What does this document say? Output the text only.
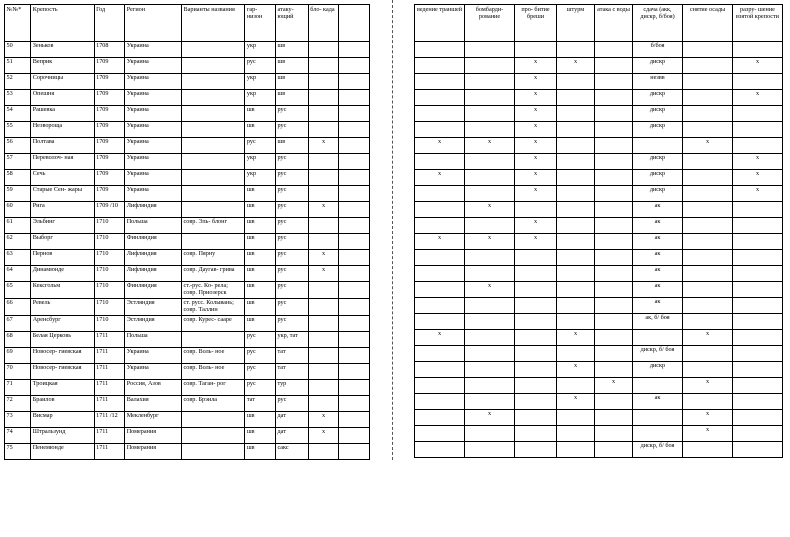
№№*	Крепость	Год	Регион	Варианты названия	гар- низон	атаку- ющий	бло- када	
50	Зеньков	1708	Украина		укр	шв		
51	Веприк	1709	Украина		рус	шв		
52	Сорочницы	1709	Украина		укр	шв		
53	Опешня	1709	Украина		укр	шв		
54	Рашевка	1709	Украина		шв	рус		
55	Незворощa	1709	Украина		шв	рус		
56	Полтава	1709	Украина		рус	шв	х	
57	Переволоч- ная	1709	Украина		укр	рус		
58	Сечь	1709	Украина		укр	рус		
59	Старые Сен- жары	1709	Украина		шв	рус		
60	Рига	1709 /10	Лифляндия		шв	рус	х	
61	Эльбинг	1710	Польша	совр. Эль- блонг	шв	рус		
62	Выборг	1710	Финляндия		шв	рус		
63	Пернов	1710	Лифляндия	совр. Пярну	шв	рус	х	
64	Динамюнде	1710	Лифляндия	совр. Даугав- грива	шв	рус	х	
65	Кексгольм	1710	Финляндия	ст.-рус. Ко- рела; совр. Приозерск	шв	рус		
66	Ревель	1710	Эстляндия	ст. русс. Колывань; совр. Таллин	шв	рус		
67	Аренсбург	1710	Эстляндия	совр. Курес- сааре	шв	рус		
68	Белая Церковь	1711	Польша		рус	укр, тат		
69	Новосер- гиевская	1711	Украина	совр. Воль- ное	рус	тат		
70	Новосер- гиевская	1711	Украина	совр. Воль- ное	рус	тат		
71	Троицкая	1711	Россия, Азов	совр. Таган- рог	рус	тур		
72	Браилов	1711	Валахия	совр. Брэила	тат	рус		
73	Висмар	1711 /12	Мекленбург		шв	дат	х	
74	Штральзунд	1711	Померания		шв	дат	х	
75	Пенемюнде	1711	Померания		шв	сакс		
ведение траншей	бомбарди- рование	про- битие бреши	штурм	атака с воды	сдача (акк, дискр, б/боя)	снятие осады	разру- шение взятой крепости
					б/боя		
		х	х		дискр		х
		х			незвв		
		х			дискр		х
		х			дискр		
		х			дискр		
х	х	х				х	
		х			дискр		х
х		х			дискр		х
		х			дискр		х
	х				ак		
		х			ак		
х	х	х			ак		
					ак		
					ак		
	х				ак		
					ак		
					ак, б/ боя		
х			х			х	
					дискр, б/ боя		
			х		дискр		
				х		х	
			х		ак		
	х					х	
						х	
					дискр, б/ боя		
